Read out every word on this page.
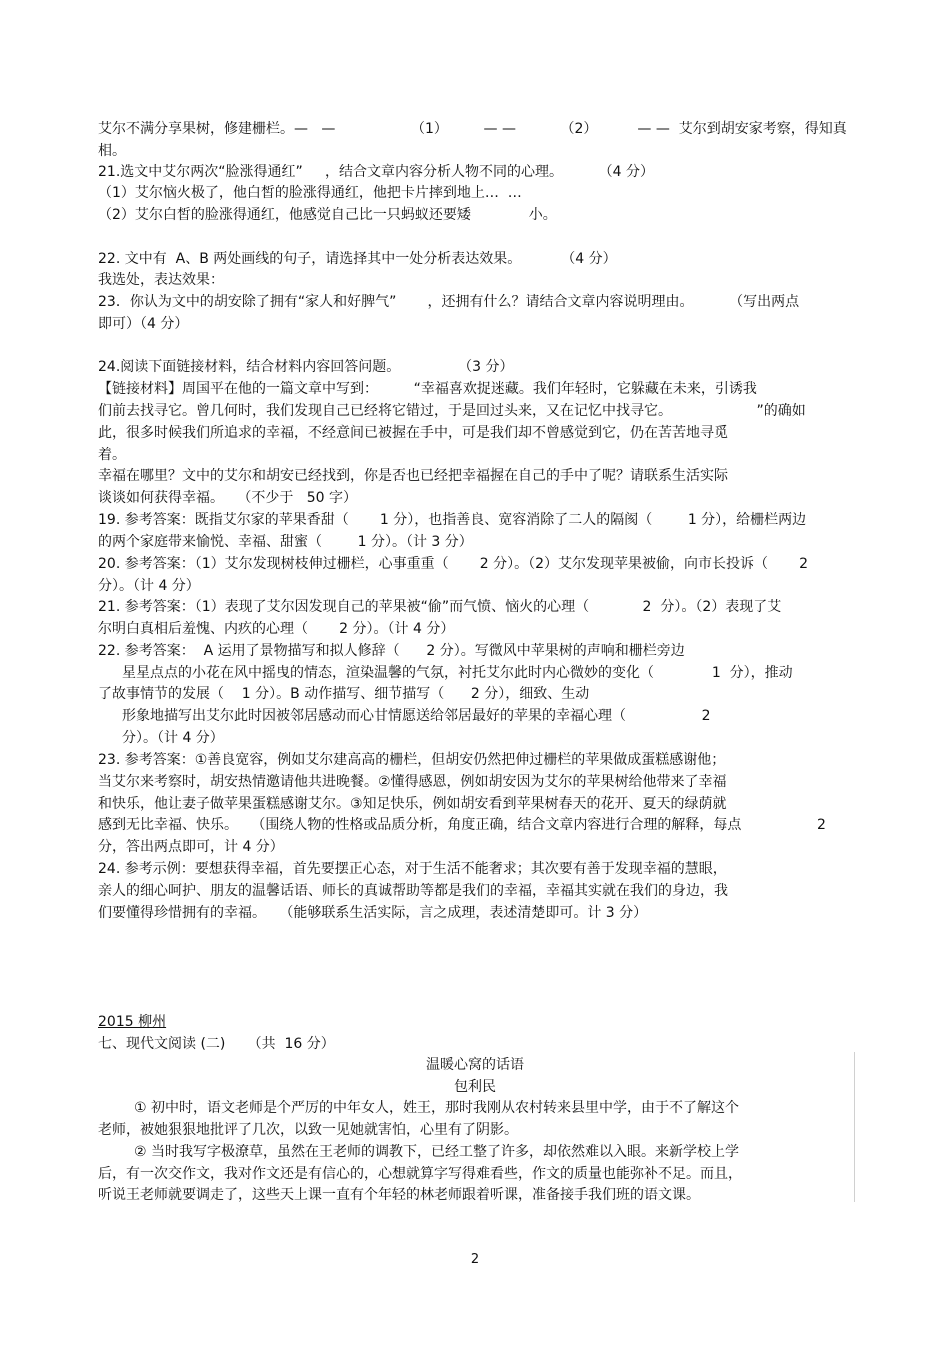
艾尔不满分享果树，修建栅栏。—   —                 （1）        — —          （2）         — —  艾尔到胡安家考察，得知真
相。
21.选文中艾尔两次“脸涨得通红”     ，结合文章内容分析人物不同的心理。        （4 分）
（1）艾尔恼火极了，他白皙的脸涨得通红，他把卡片摔到地上…  …
（2）艾尔白皙的脸涨得通红，他感觉自己比一只蚂蚁还要矮             小。
22. 文中有  A、B 两处画线的句子，请选择其中一处分析表达效果。         （4 分）
我选处，表达效果：
23．你认为文中的胡安除了拥有“家人和好脾气”       ，还拥有什么？请结合文章内容说明理由。        （写出两点
即可）（4 分）
24.阅读下面链接材料，结合材料内容回答问题。             （3 分）
【链接材料】周国平在他的一篇文章中写到：        “幸福喜欢捉迷藏。我们年轻时，它躲藏在未来，引诱我
们前去找寻它。曾几何时，我们发现自己已经将它错过，于是回过头来，又在记忆中找寻它。                   ”的确如
此，很多时候我们所追求的幸福，不经意间已被握在手中，可是我们却不曾感觉到它，仍在苦苦地寻觅
着。
幸福在哪里？文中的艾尔和胡安已经找到，你是否也已经把幸福握在自己的手中了呢？请联系生活实际
谈谈如何获得幸福。   （不少于   50 字）
19. 参考答案：既指艾尔家的苹果香甜（       1 分），也指善良、宽容消除了二人的隔阂（        1 分），给栅栏两边
的两个家庭带来愉悦、幸福、甜蜜（        1 分）。（计 3 分）
20. 参考答案：（1）艾尔发现树枝伸过栅栏，心事重重（       2 分）。（2）艾尔发现苹果被偷，向市长投诉（       2
分）。（计 4 分）
21. 参考答案：（1）表现了艾尔因发现自己的苹果被“偷”而气愤、恼火的心理（            2  分）。（2）表现了艾
尔明白真相后羞愧、内疚的心理（       2 分）。（计 4 分）
22. 参考答案：  A 运用了景物描写和拟人修辞（      2 分）。写微风中苹果树的声响和栅栏旁边
星星点点的小花在风中摇曳的情态，渲染温馨的气氛，衬托艾尔此时内心微妙的变化（             1  分），推动
了故事情节的发展（    1 分）。B 动作描写、细节描写（      2 分），细致、生动
形象地描写出艾尔此时因被邻居感动而心甘情愿送给邻居最好的苹果的幸福心理（                 2
分）。（计 4 分）
23. 参考答案：①善良宽容，例如艾尔建高高的栅栏，但胡安仍然把伸过栅栏的苹果做成蛋糕感谢他；
当艾尔来考察时，胡安热情邀请他共进晚餐。②懂得感恩，例如胡安因为艾尔的苹果树给他带来了幸福
和快乐，他让妻子做苹果蛋糕感谢艾尔。③知足快乐，例如胡安看到苹果树春天的花开、夏天的绿荫就
感到无比幸福、快乐。   （围绕人物的性格或品质分析，角度正确，结合文章内容进行合理的解释，每点                 2
分，答出两点即可，计 4 分）
24. 参考示例：要想获得幸福，首先要摆正心态，对于生活不能奢求；其次要有善于发现幸福的慧眼，
亲人的细心呵护、朋友的温馨话语、师长的真诚帮助等都是我们的幸福，幸福其实就在我们的身边，我
们要懂得珍惜拥有的幸福。   （能够联系生活实际，言之成理，表述清楚即可。计 3 分）
2015 柳州
七、现代文阅读 (二)     （共  16 分）
温暖心窝的话语
包利民
① 初中时，语文老师是个严厉的中年女人，姓王，那时我刚从农村转来县里中学，由于不了解这个
老师，被她狠狠地批评了几次，以致一见她就害怕，心里有了阴影。
② 当时我写字极潦草，虽然在王老师的调教下，已经工整了许多，却依然难以入眼。来新学校上学
后，有一次交作文，我对作文还是有信心的，心想就算字写得难看些，作文的质量也能弥补不足。而且，
听说王老师就要调走了，这些天上课一直有个年轻的林老师跟着听课，准备接手我们班的语文课。
2
